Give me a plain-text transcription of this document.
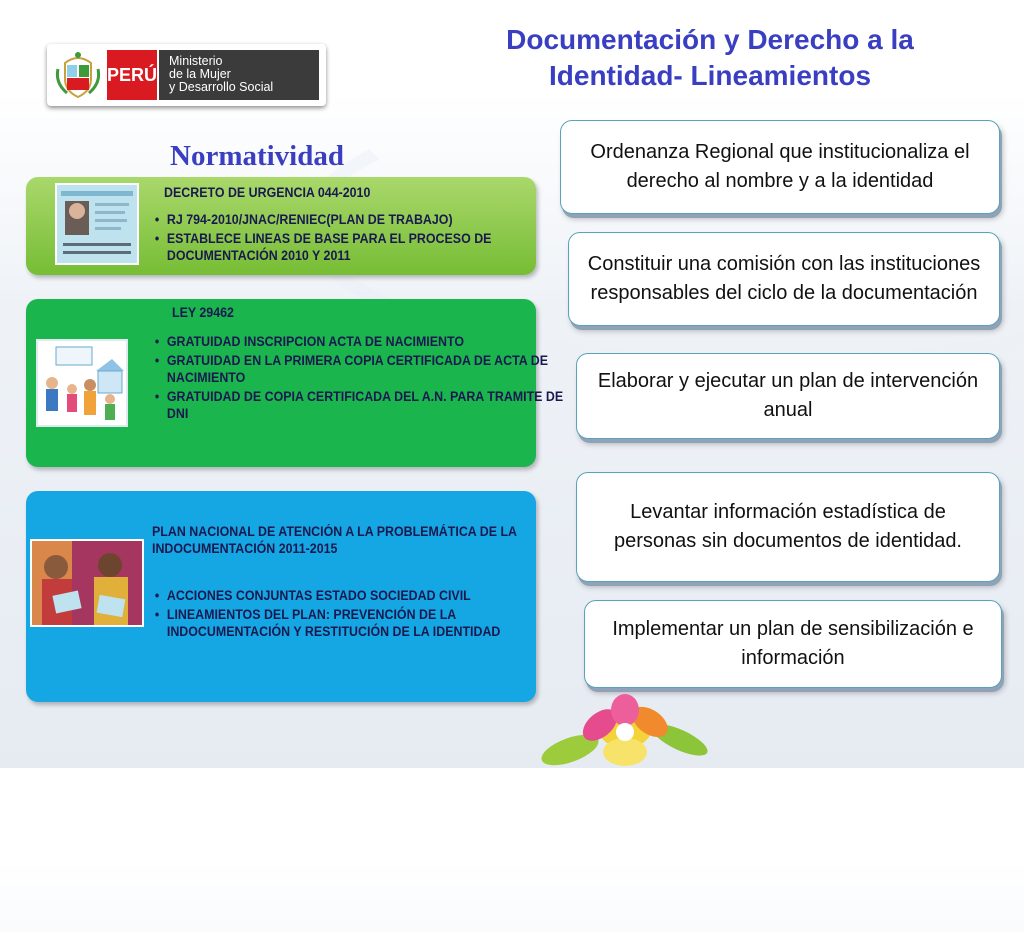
PERÚ
Ministerio
de la Mujer
y Desarrollo Social
Documentación y Derecho a la
Identidad- Lineamientos
Normatividad
DECRETO DE URGENCIA 044-2010
• RJ 794-2010/JNAC/RENIEC(PLAN DE TRABAJO)
• ESTABLECE LINEAS DE BASE PARA EL PROCESO DE DOCUMENTACIÓN 2010 Y 2011
LEY 29462
• GRATUIDAD INSCRIPCION ACTA DE NACIMIENTO
• GRATUIDAD EN LA PRIMERA COPIA CERTIFICADA DE ACTA DE NACIMIENTO
• GRATUIDAD DE COPIA CERTIFICADA DEL A.N. PARA TRAMITE DE DNI
PLAN NACIONAL DE ATENCIÓN A LA PROBLEMÁTICA DE LA INDOCUMENTACIÓN 2011-2015
• ACCIONES CONJUNTAS ESTADO SOCIEDAD CIVIL
• LINEAMIENTOS DEL PLAN: PREVENCIÓN DE LA INDOCUMENTACIÓN Y RESTITUCIÓN DE LA IDENTIDAD
Ordenanza Regional que institucionaliza el derecho al nombre y a la identidad
Constituir una comisión con las instituciones responsables del ciclo de la documentación
Elaborar y ejecutar un plan de intervención anual
Levantar información estadística de personas sin documentos de identidad.
Implementar un plan de sensibilización e información
